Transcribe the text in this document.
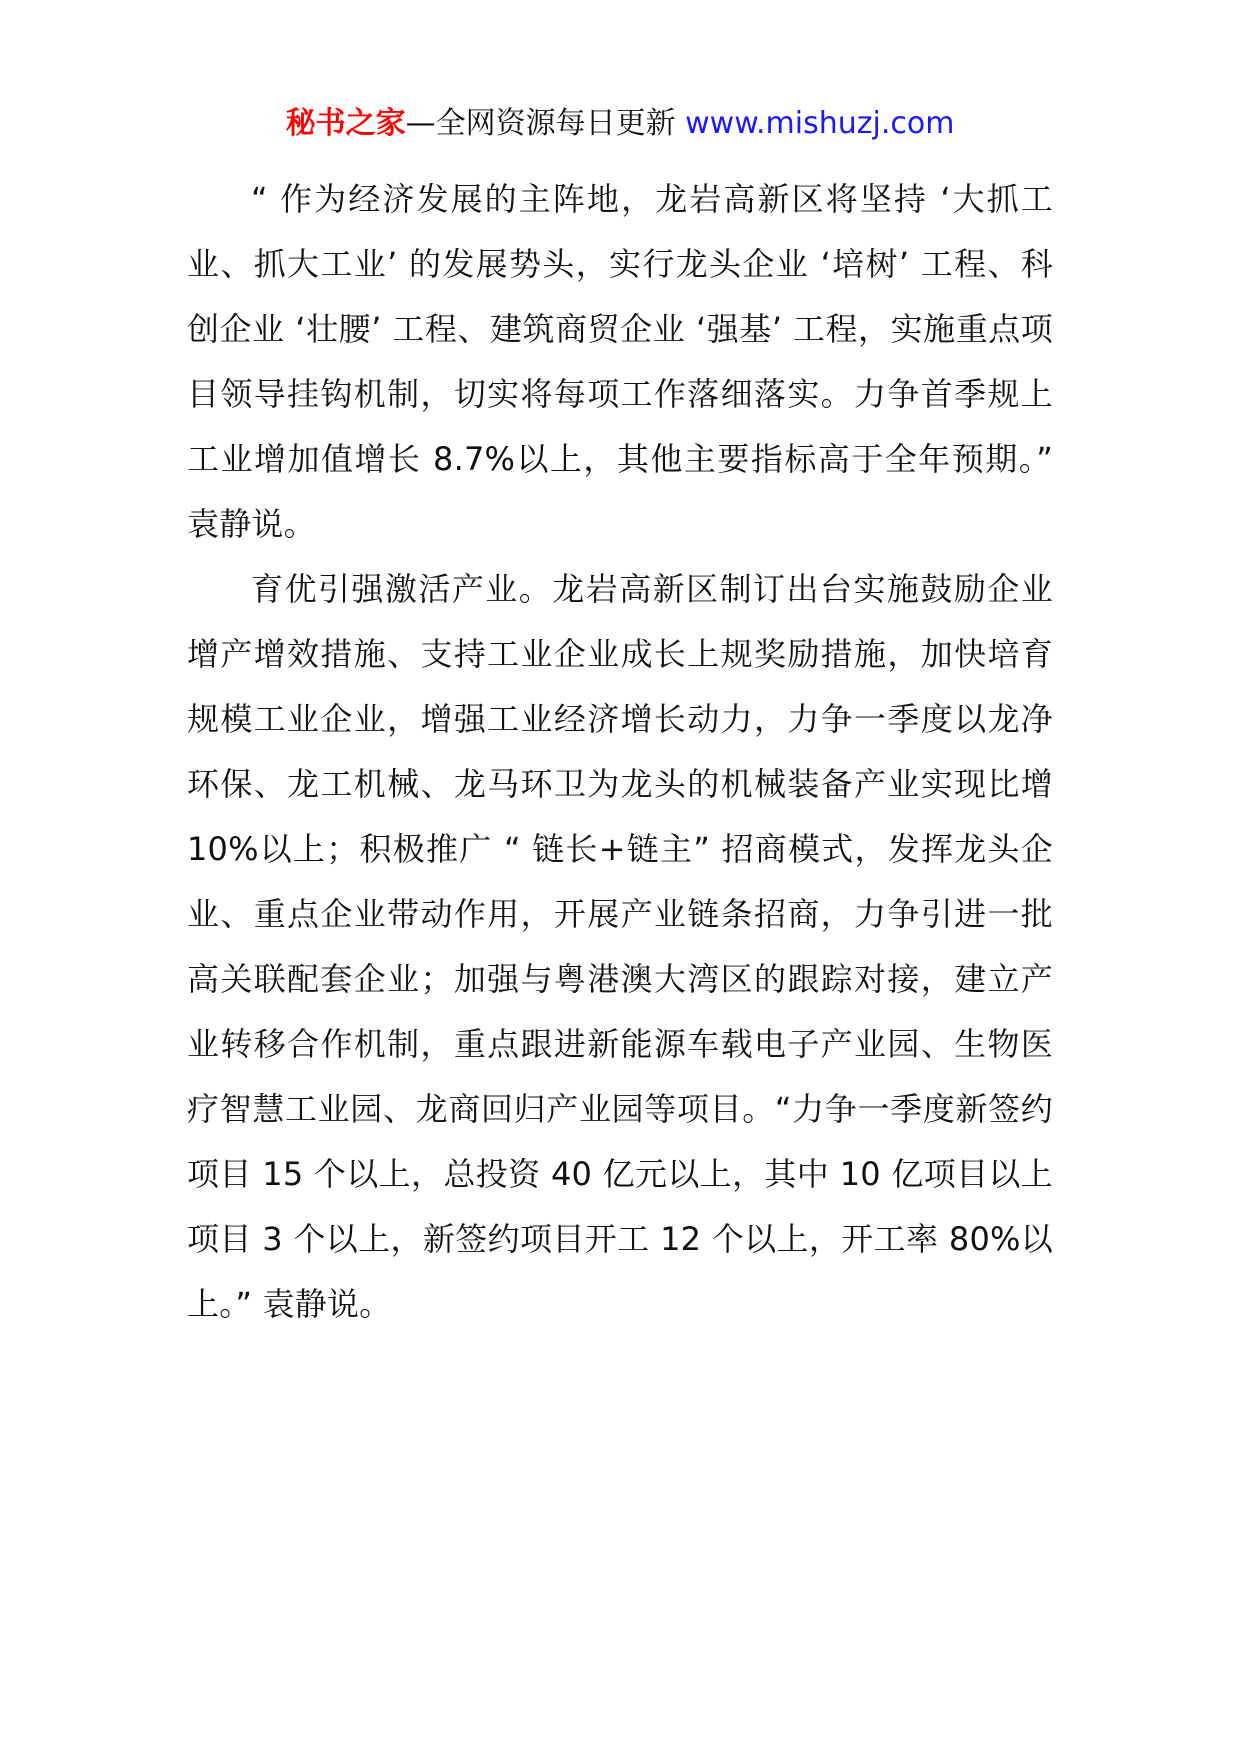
秘书之家—全网资源每日更新 www.mishuzj.com

“ 作为经济发展的主阵地，龙岩高新区将坚持 ‘大抓工业、抓大工业’ 的发展势头，实行龙头企业 ‘培树’ 工程、科创企业 ‘壮腰’ 工程、建筑商贸企业 ‘强基’ 工程，实施重点项目领导挂钩机制，切实将每项工作落细落实。力争首季规上工业增加值增长 8.7%以上，其他主要指标高于全年预期。” 袁静说。

育优引强激活产业。龙岩高新区制订出台实施鼓励企业增产增效措施、支持工业企业成长上规奖励措施，加快培育规模工业企业，增强工业经济增长动力，力争一季度以龙净环保、龙工机械、龙马环卫为龙头的机械装备产业实现比增 10%以上；积极推广 “ 链长+链主” 招商模式，发挥龙头企业、重点企业带动作用，开展产业链条招商，力争引进一批高关联配套企业；加强与粤港澳大湾区的跟踪对接，建立产业转移合作机制，重点跟进新能源车载电子产业园、生物医疗智慧工业园、龙商回归产业园等项目。“力争一季度新签约项目 15 个以上，总投资 40 亿元以上，其中 10 亿项目以上项目 3 个以上，新签约项目开工 12 个以上，开工率 80%以上。” 袁静说。
